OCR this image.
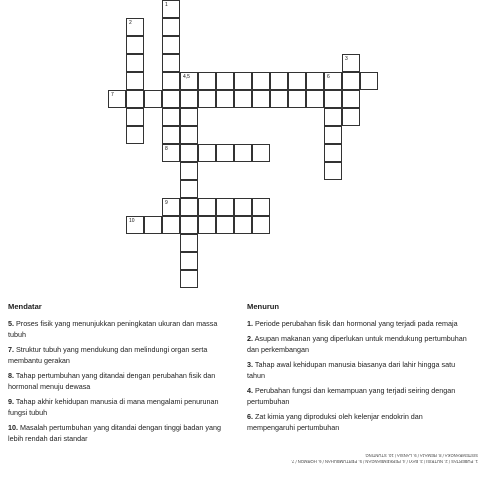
1
2
3
4,5	6
7
8
9
10
Mendatar
5. Proses fisik yang menunjukkan peningkatan ukuran dan massa tubuh
7. Struktur tubuh yang mendukung dan melindungi organ serta membantu gerakan
8. Tahap pertumbuhan yang ditandai dengan perubahan fisik dan hormonal menuju dewasa
9. Tahap akhir kehidupan manusia di mana mengalami penurunan fungsi tubuh
10. Masalah pertumbuhan yang ditandai dengan tinggi badan yang lebih rendah dari standar
Menurun
1. Periode perubahan fisik dan hormonal yang terjadi pada remaja
2. Asupan makanan yang diperlukan untuk mendukung pertumbuhan dan perkembangan
3. Tahap awal kehidupan manusia biasanya dari lahir hingga satu tahun
4. Perubahan fungsi dan kemampuan yang terjadi seiring dengan pertumbuhan
6. Zat kimia yang diproduksi oleh kelenjar endokrin dan mempengaruhi pertumbuhan
1. PUBERTAS / 2. NUTRISI / 3. BAYI / 4. PERKEMBANGAN / 5. PERTUMBUHAN / 6. HORMON / 7. SISTEMRANGKA / 8. REMAJA / 9. LANSIA / 10. STUNTING
